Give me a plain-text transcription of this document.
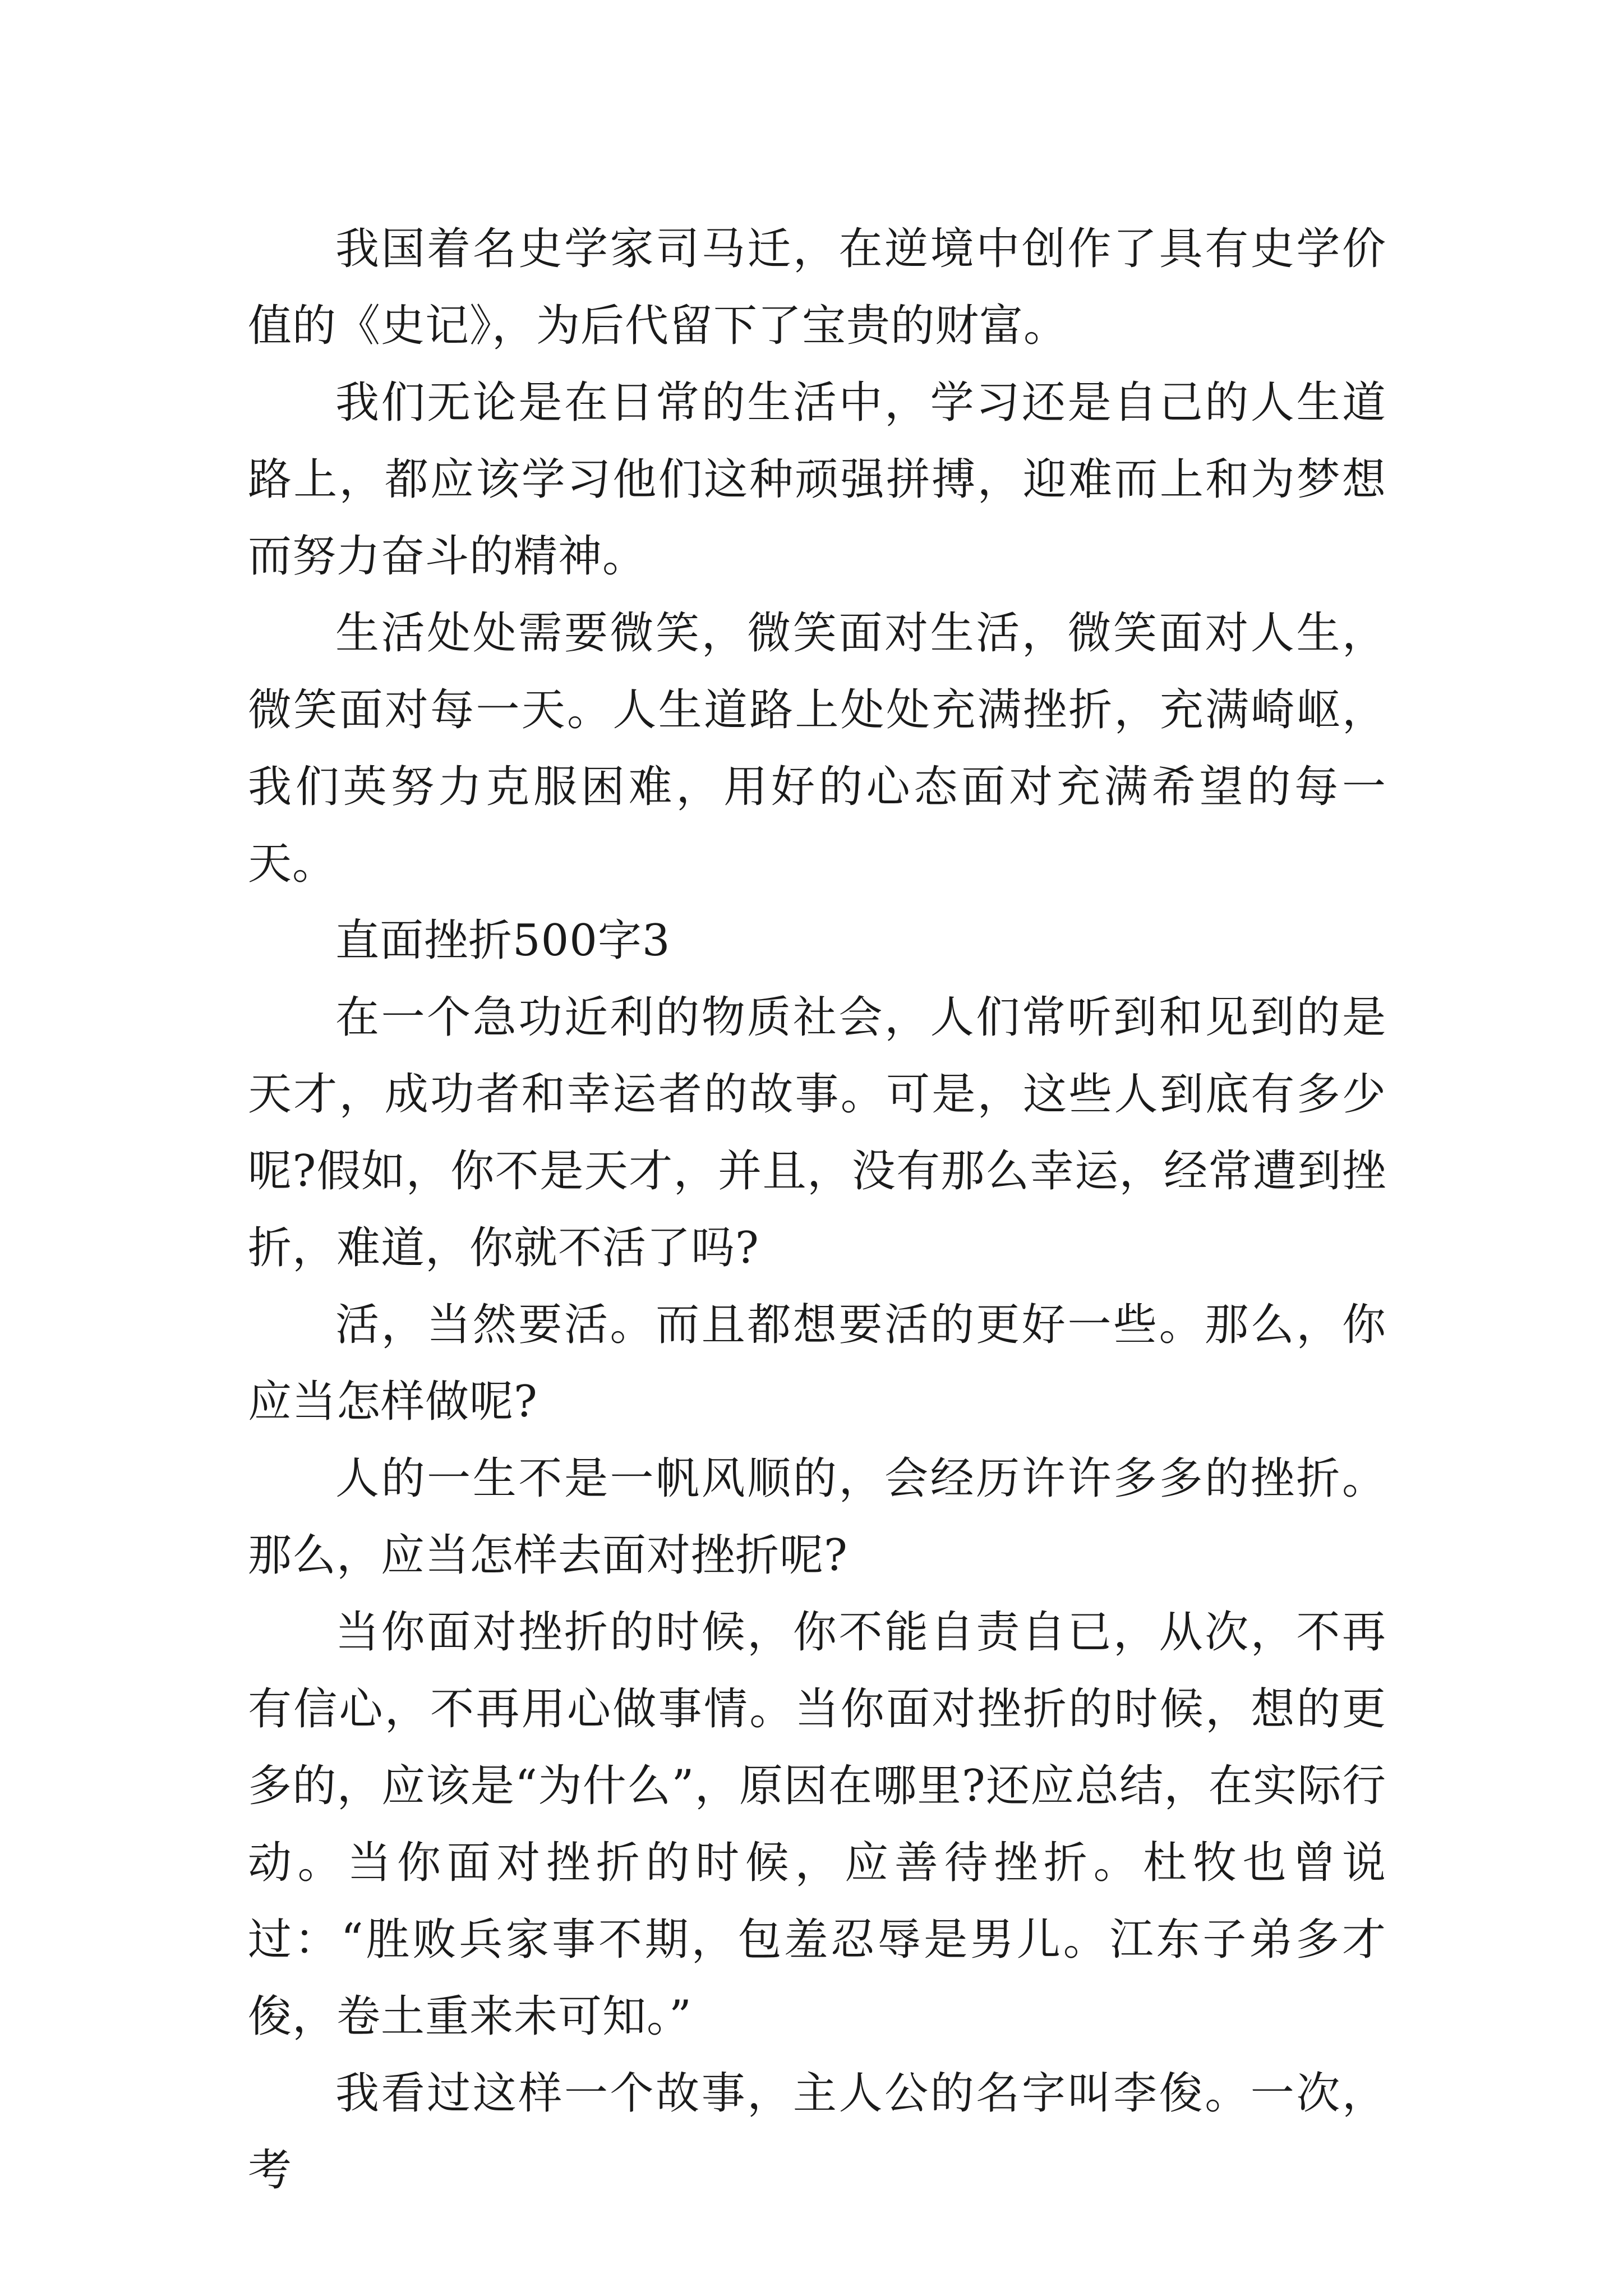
我国着名史学家司马迁，在逆境中创作了具有史学价值的《史记》，为后代留下了宝贵的财富。

我们无论是在日常的生活中，学习还是自己的人生道路上，都应该学习他们这种顽强拼搏，迎难而上和为梦想而努力奋斗的精神。

生活处处需要微笑，微笑面对生活，微笑面对人生，微笑面对每一天。人生道路上处处充满挫折，充满崎岖，我们英努力克服困难，用好的心态面对充满希望的每一天。

直面挫折500字3

在一个急功近利的物质社会，人们常听到和见到的是天才，成功者和幸运者的故事。可是，这些人到底有多少呢?假如，你不是天才，并且，没有那么幸运，经常遭到挫折，难道，你就不活了吗?

活，当然要活。而且都想要活的更好一些。那么，你应当怎样做呢?

人的一生不是一帆风顺的，会经历许许多多的挫折。那么，应当怎样去面对挫折呢?

当你面对挫折的时候，你不能自责自已，从次，不再有信心，不再用心做事情。当你面对挫折的时候，想的更多的，应该是“为什么”，原因在哪里?还应总结，在实际行动。当你面对挫折的时候，应善待挫折。杜牧也曾说过：“胜败兵家事不期，包羞忍辱是男儿。江东子弟多才俊，卷土重来未可知。”

我看过这样一个故事，主人公的名字叫李俊。一次，考
